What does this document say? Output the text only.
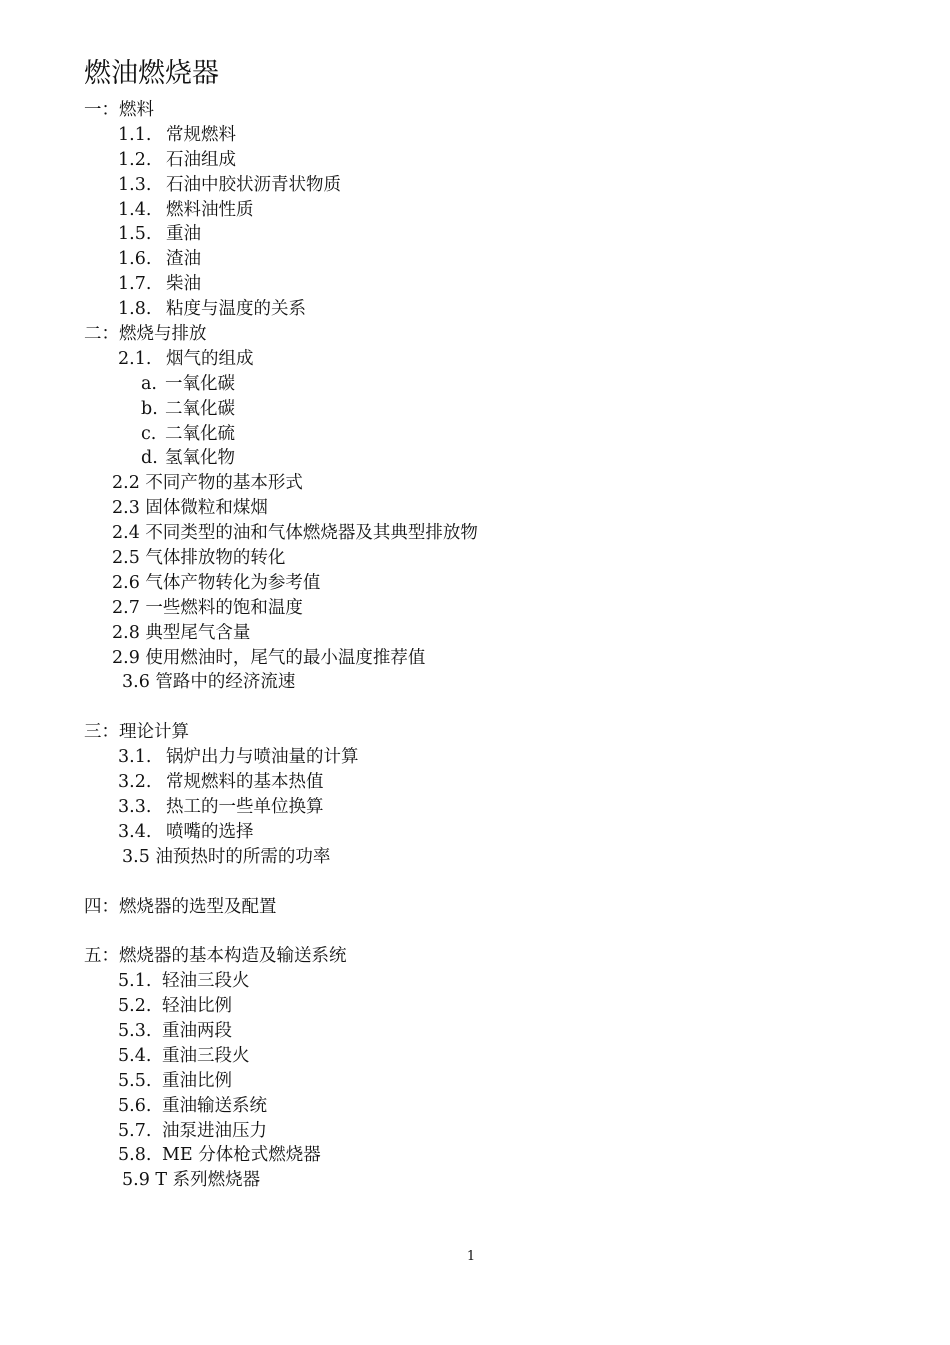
燃油燃烧器
一：燃料
1.1. 常规燃料
1.2. 石油组成
1.3. 石油中胶状沥青状物质
1.4. 燃料油性质
1.5. 重油
1.6. 渣油
1.7. 柴油
1.8. 粘度与温度的关系
二：燃烧与排放
2.1. 烟气的组成
a. 一氧化碳
b. 二氧化碳
c. 二氧化硫
d. 氢氧化物
2.2 不同产物的基本形式
2.3 固体微粒和煤烟
2.4 不同类型的油和气体燃烧器及其典型排放物
2.5 气体排放物的转化
2.6 气体产物转化为参考值
2.7 一些燃料的饱和温度
2.8 典型尾气含量
2.9 使用燃油时，尾气的最小温度推荐值
3.6 管路中的经济流速
三：理论计算
3.1. 锅炉出力与喷油量的计算
3.2. 常规燃料的基本热值
3.3. 热工的一些单位换算
3.4. 喷嘴的选择
3.5 油预热时的所需的功率
四：燃烧器的选型及配置
五：燃烧器的基本构造及输送系统
5.1. 轻油三段火
5.2. 轻油比例
5.3. 重油两段
5.4. 重油三段火
5.5. 重油比例
5.6. 重油输送系统
5.7. 油泵进油压力
5.8. ME 分体枪式燃烧器
5.9 T 系列燃烧器
1
